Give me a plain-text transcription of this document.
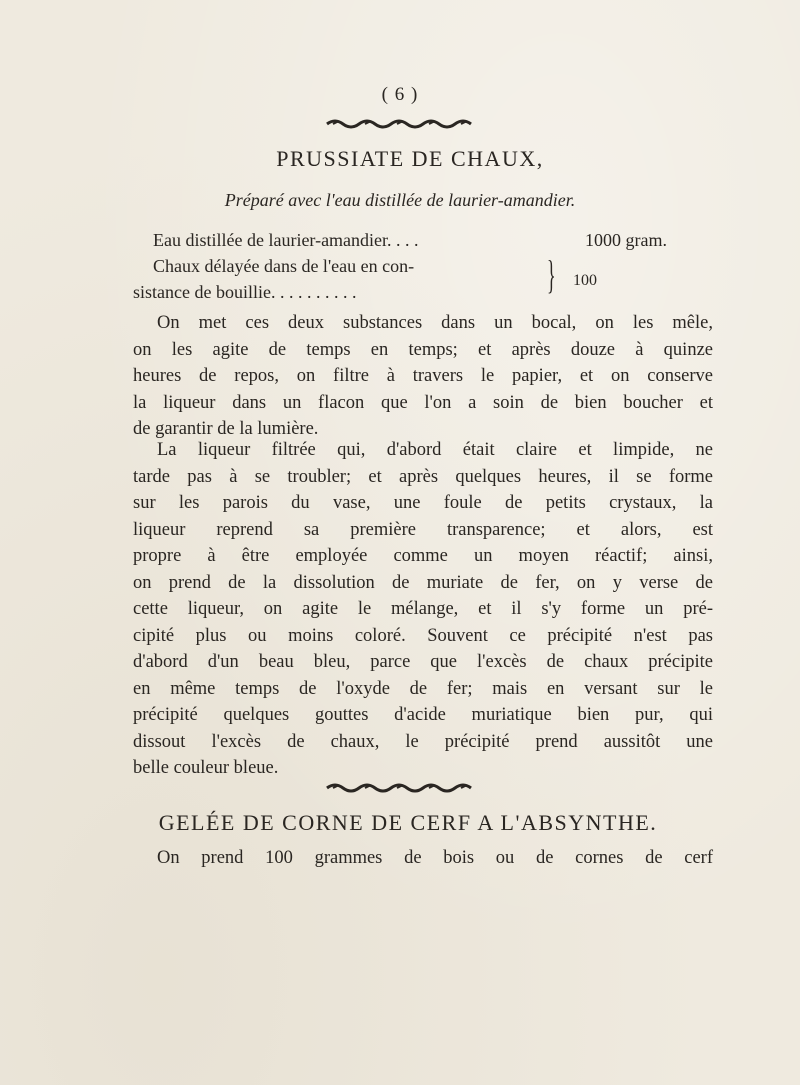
( 6 )
PRUSSIATE DE CHAUX,

Préparé avec l'eau distillée de laurier-amandier.

Eau distillée de laurier-amandier. . . .	1000 gram.
Chaux délayée dans de l'eau en con-
sistance de bouillie. . . . . . . . . .	} 100
On met ces deux substances dans un bocal, on les mêle,
on les agite de temps en temps; et après douze à quinze
heures de repos, on filtre à travers le papier, et on conserve
la liqueur dans un flacon que l'on a soin de bien boucher et
de garantir de la lumière.
La liqueur filtrée qui, d'abord était claire et limpide, ne
tarde pas à se troubler; et après quelques heures, il se forme
sur les parois du vase, une foule de petits crystaux, la
liqueur reprend sa première transparence; et alors, est
propre à être employée comme un moyen réactif; ainsi,
on prend de la dissolution de muriate de fer, on y verse de
cette liqueur, on agite le mélange, et il s'y forme un pré-
cipité plus ou moins coloré. Souvent ce précipité n'est pas
d'abord d'un beau bleu, parce que l'excès de chaux précipite
en même temps de l'oxyde de fer; mais en versant sur le
précipité quelques gouttes d'acide muriatique bien pur, qui
dissout l'excès de chaux, le précipité prend aussitôt une
belle couleur bleue.
GELÉE DE CORNE DE CERF A L'ABSYNTHE.
On prend 100 grammes de bois ou de cornes de cerf
